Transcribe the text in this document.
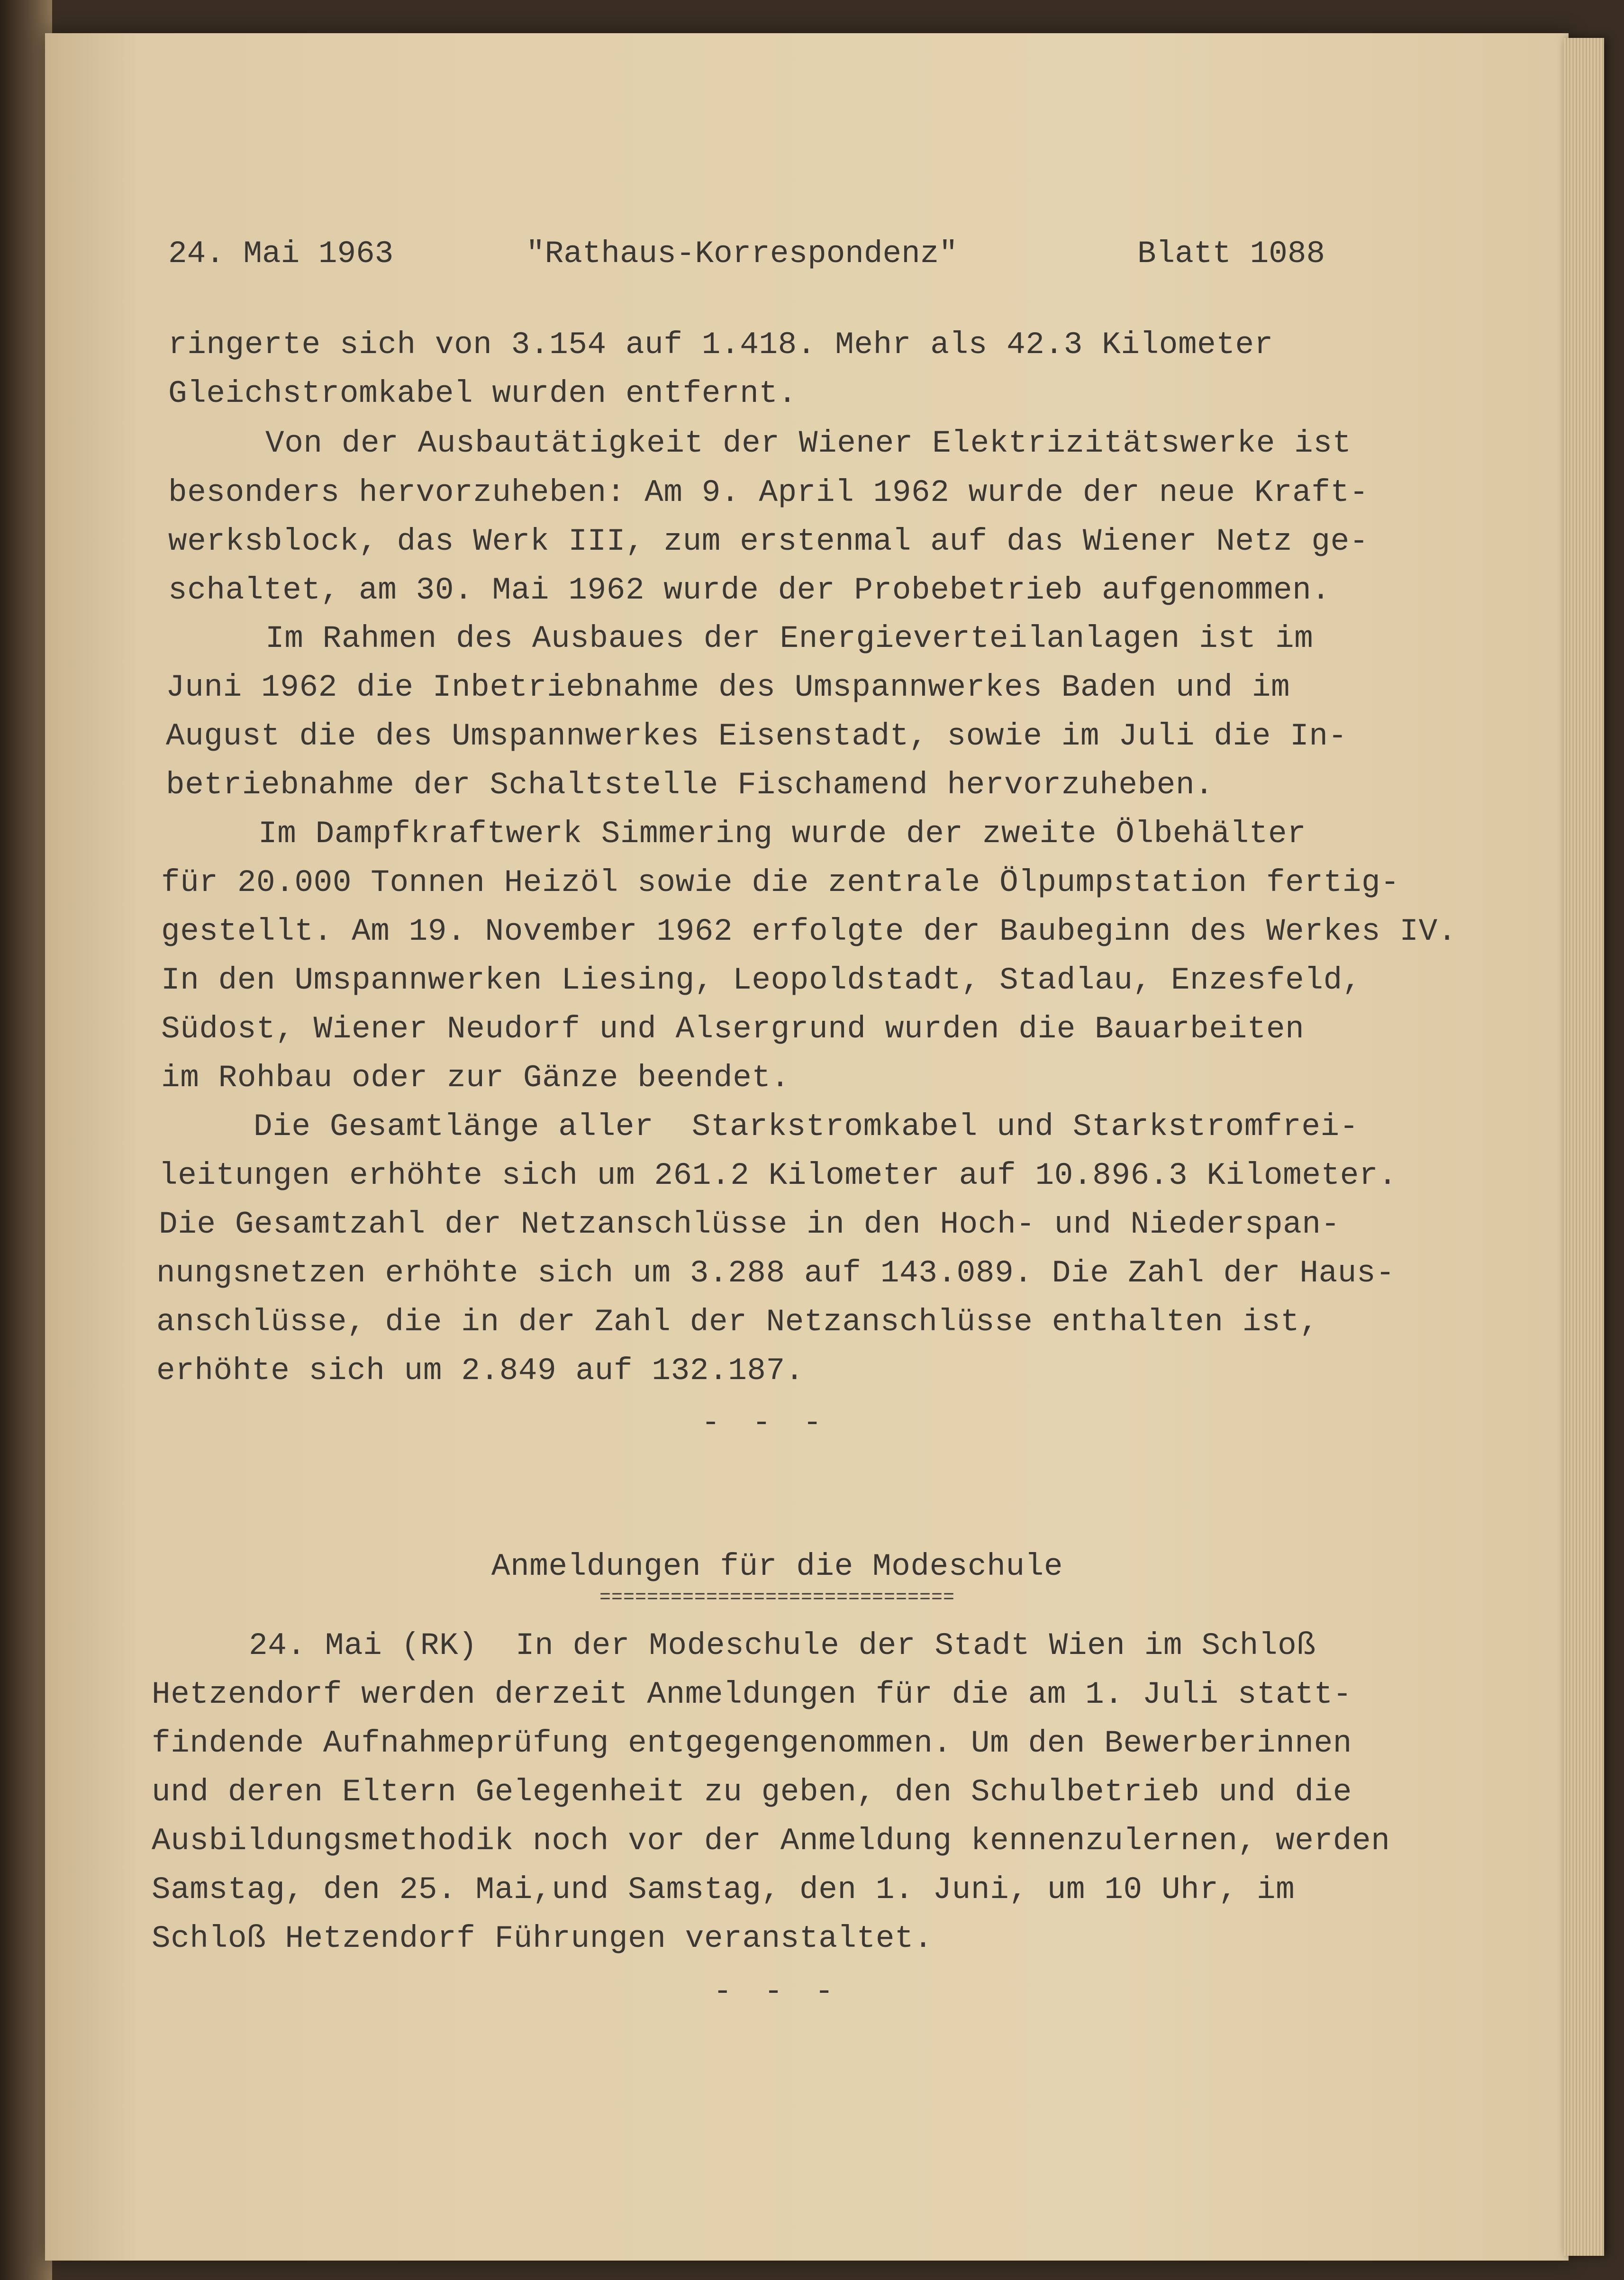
24. Mai 1963	"Rathaus-Korrespondenz"	Blatt 1088
ringerte sich von 3.154 auf 1.418. Mehr als 42.3 Kilometer
Gleichstromkabel wurden entfernt.
Von der Ausbautätigkeit der Wiener Elektrizitätswerke ist
besonders hervorzuheben: Am 9. April 1962 wurde der neue Kraft-
werksblock, das Werk III, zum erstenmal auf das Wiener Netz ge-
schaltet, am 30. Mai 1962 wurde der Probebetrieb aufgenommen.
Im Rahmen des Ausbaues der Energieverteilanlagen ist im
Juni 1962 die Inbetriebnahme des Umspannwerkes Baden und im
August die des Umspannwerkes Eisenstadt, sowie im Juli die In-
betriebnahme der Schaltstelle Fischamend hervorzuheben.
Im Dampfkraftwerk Simmering wurde der zweite Ölbehälter
für 20.000 Tonnen Heizöl sowie die zentrale Ölpumpstation fertig-
gestellt. Am 19. November 1962 erfolgte der Baubeginn des Werkes IV.
In den Umspannwerken Liesing, Leopoldstadt, Stadlau, Enzesfeld,
Südost, Wiener Neudorf und Alsergrund wurden die Bauarbeiten
im Rohbau oder zur Gänze beendet.
Die Gesamtlänge aller  Starkstromkabel und Starkstromfrei-
leitungen erhöhte sich um 261.2 Kilometer auf 10.896.3 Kilometer.
Die Gesamtzahl der Netzanschlüsse in den Hoch- und Niederspan-
nungsnetzen erhöhte sich um 3.288 auf 143.089. Die Zahl der Haus-
anschlüsse, die in der Zahl der Netzanschlüsse enthalten ist,
erhöhte sich um 2.849 auf 132.187.
- - -
Anmeldungen für die Modeschule
==============================
24. Mai (RK)  In der Modeschule der Stadt Wien im Schloß
Hetzendorf werden derzeit Anmeldungen für die am 1. Juli statt-
findende Aufnahmeprüfung entgegengenommen. Um den Bewerberinnen
und deren Eltern Gelegenheit zu geben, den Schulbetrieb und die
Ausbildungsmethodik noch vor der Anmeldung kennenzulernen, werden
Samstag, den 25. Mai,und Samstag, den 1. Juni, um 10 Uhr, im
Schloß Hetzendorf Führungen veranstaltet.
- - -
